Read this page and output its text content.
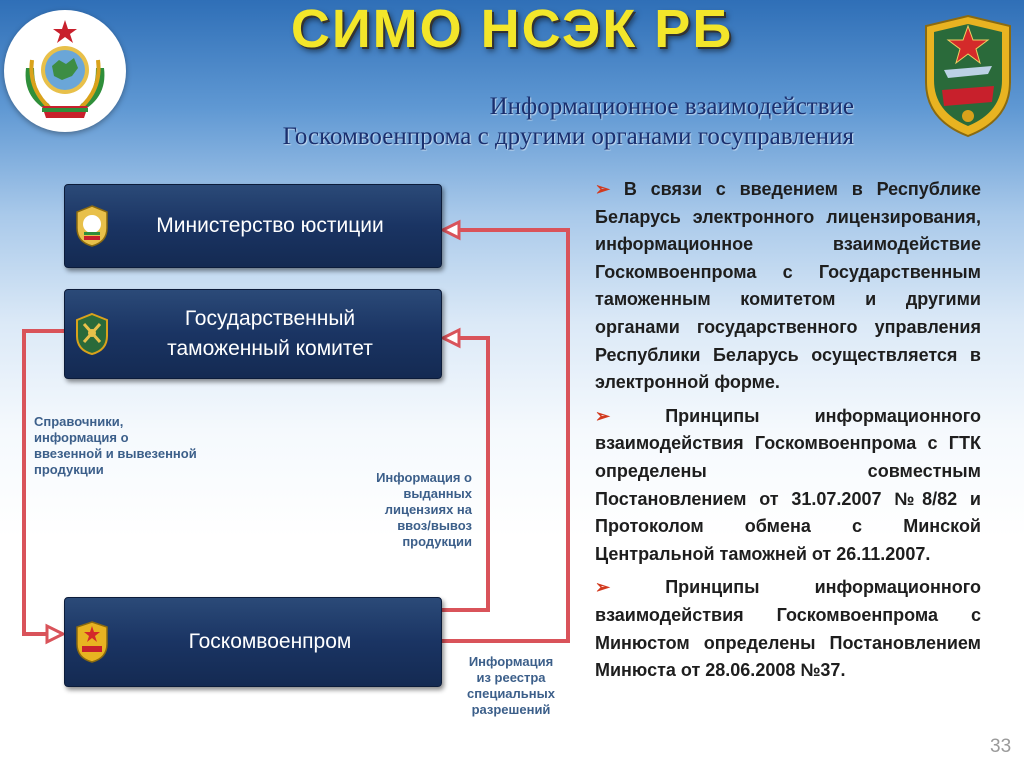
СИМО НСЭК РБ
Информационное взаимодействие
Госкомвоенпрома с другими органами госуправления
Министерство юстиции
Государственный
таможенный комитет
Госкомвоенпром
Справочники,
информация о
ввезенной и вывезенной
продукции
Информация о
выданных
лицензиях на
ввоз/вывоз
продукции
Информация
из реестра
специальных
разрешений

➢ В связи с введением в Республике Беларусь электронного лицензирования, информационное взаимодействие Госкомвоенпрома с Государственным таможенным комитетом и другими органами государственного управления Республики Беларусь осуществляется в электронной форме.

➢	Принципы информационного взаимодействия Госкомвоенпрома с ГТК определены совместным Постановлением от 31.07.2007 №8/82 и Протоколом обмена с Минской Центральной таможней от 26.11.2007.

➢	Принципы информационного взаимодействия Госкомвоенпрома с Минюстом определены Постановлением Минюста от 28.06.2008 №37.

33
